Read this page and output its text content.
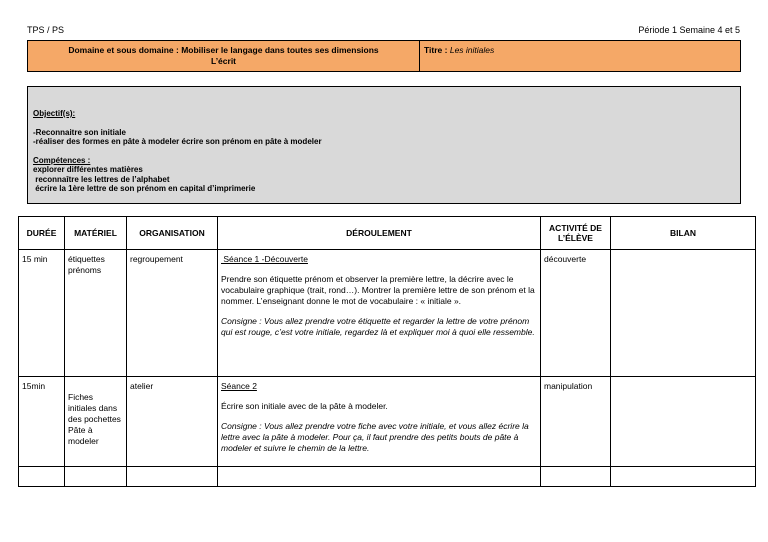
TPS / PS	Période 1 Semaine 4 et 5
Domaine et sous domaine : Mobiliser le langage dans toutes ses dimensions
L’écrit
Titre : Les initiales
Objectif(s):
-Reconnaitre son initiale
-réaliser des formes en pâte à modeler écrire son prénom en pâte à modeler
Compétences :
explorer différentes matières
reconnaître les lettres de l’alphabet
écrire la 1ère lettre de son prénom en capital d’imprimerie
DURÉE	MATÉRIEL	ORGANISATION	DÉROULEMENT	ACTIVITÉ DE L’ÉLÈVE	BILAN
15 min	étiquettes prénoms	regroupement	Séance 1 -Découverte

Prendre son étiquette prénom et observer la première lettre, la décrire avec le vocabulaire graphique (trait, rond…). Montrer la première lettre de son prénom et la nommer. L’enseignant donne le mot de vocabulaire : « initiale ».

Consigne : Vous allez prendre votre étiquette et regarder la lettre de votre prénom qui est rouge, c’est votre initiale, regardez là et expliquer moi à quoi elle ressemble.	découverte	
15min	Fiches initiales dans des pochettes Pâte à modeler	atelier	Séance 2

Écrire son initiale avec de la pâte à modeler.

Consigne : Vous allez prendre votre fiche avec votre initiale, et vous allez écrire la lettre avec la pâte à modeler. Pour ça, il faut prendre des petits bouts de pâte à modeler et suivre le chemin de la lettre.	manipulation	
